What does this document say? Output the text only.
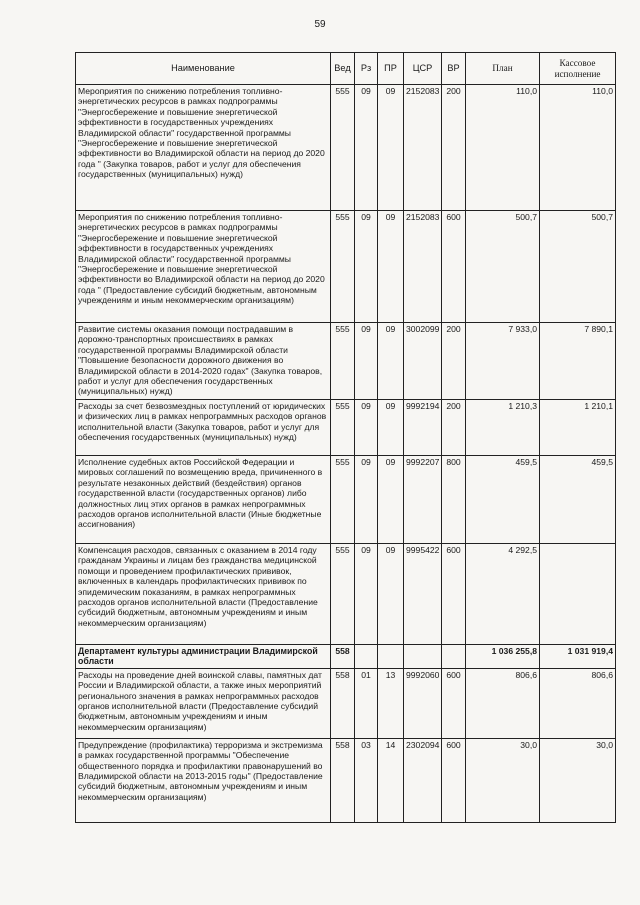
59
Наименование	Вед	Рз	ПР	ЦСР	ВР	План	Кассовое исполнение
Мероприятия по снижению потребления топливно-энергетических ресурсов в рамках подпрограммы "Энергосбережение и повышение энергетической эффективности в государственных учреждениях Владимирской области" государственной программы "Энергосбережение и повышение энергетической эффективности во Владимирской области на период до 2020 года " (Закупка товаров, работ и услуг для обеспечения государственных (муниципальных) нужд)	555	09	09	2152083	200	110,0	110,0
Мероприятия по снижению потребления топливно-энергетических ресурсов в рамках подпрограммы "Энергосбережение и повышение энергетической эффективности в государственных учреждениях Владимирской области" государственной программы "Энергосбережение и повышение энергетической эффективности во Владимирской области на период до 2020 года " (Предоставление субсидий бюджетным, автономным учреждениям и иным некоммерческим организациям)	555	09	09	2152083	600	500,7	500,7
Развитие системы оказания помощи пострадавшим в дорожно-транспортных происшествиях в рамках государственной программы Владимирской области "Повышение безопасности дорожного движения во Владимирской области в 2014-2020 годах" (Закупка товаров, работ и услуг для обеспечения государственных (муниципальных) нужд)	555	09	09	3002099	200	7 933,0	7 890,1
Расходы за счет безвозмездных поступлений от юридических и физических лиц в рамках непрограммных расходов органов исполнительной власти (Закупка товаров, работ и услуг для обеспечения государственных (муниципальных) нужд)	555	09	09	9992194	200	1 210,3	1 210,1
Исполнение судебных актов Российской Федерации и мировых соглашений по возмещению вреда, причиненного в результате незаконных действий (бездействия) органов государственной власти (государственных органов) либо должностных лиц этих органов в рамках непрограммных расходов органов исполнительной власти (Иные бюджетные ассигнования)	555	09	09	9992207	800	459,5	459,5
Компенсация расходов, связанных с оказанием в 2014 году гражданам Украины и лицам без гражданства медицинской помощи и проведением профилактических прививок, включенных в календарь профилактических прививок по эпидемическим показаниям, в рамках непрограммных расходов органов исполнительной власти (Предоставление субсидий бюджетным, автономным учреждениям и иным некоммерческим организациям)	555	09	09	9995422	600	4 292,5	
Департамент культуры администрации Владимирской области	558					1 036 255,8	1 031 919,4
Расходы на проведение дней воинской славы, памятных дат России и Владимирской области, а также иных мероприятий регионального значения в рамках непрограммных расходов органов исполнительной власти (Предоставление субсидий бюджетным, автономным учреждениям и иным некоммерческим организациям)	558	01	13	9992060	600	806,6	806,6
Предупреждение (профилактика) терроризма и экстремизма в рамках государственной программы "Обеспечение общественного порядка и профилактики правонарушений во Владимирской области на 2013-2015 годы" (Предоставление субсидий бюджетным, автономным учреждениям и иным некоммерческим организациям)	558	03	14	2302094	600	30,0	30,0
